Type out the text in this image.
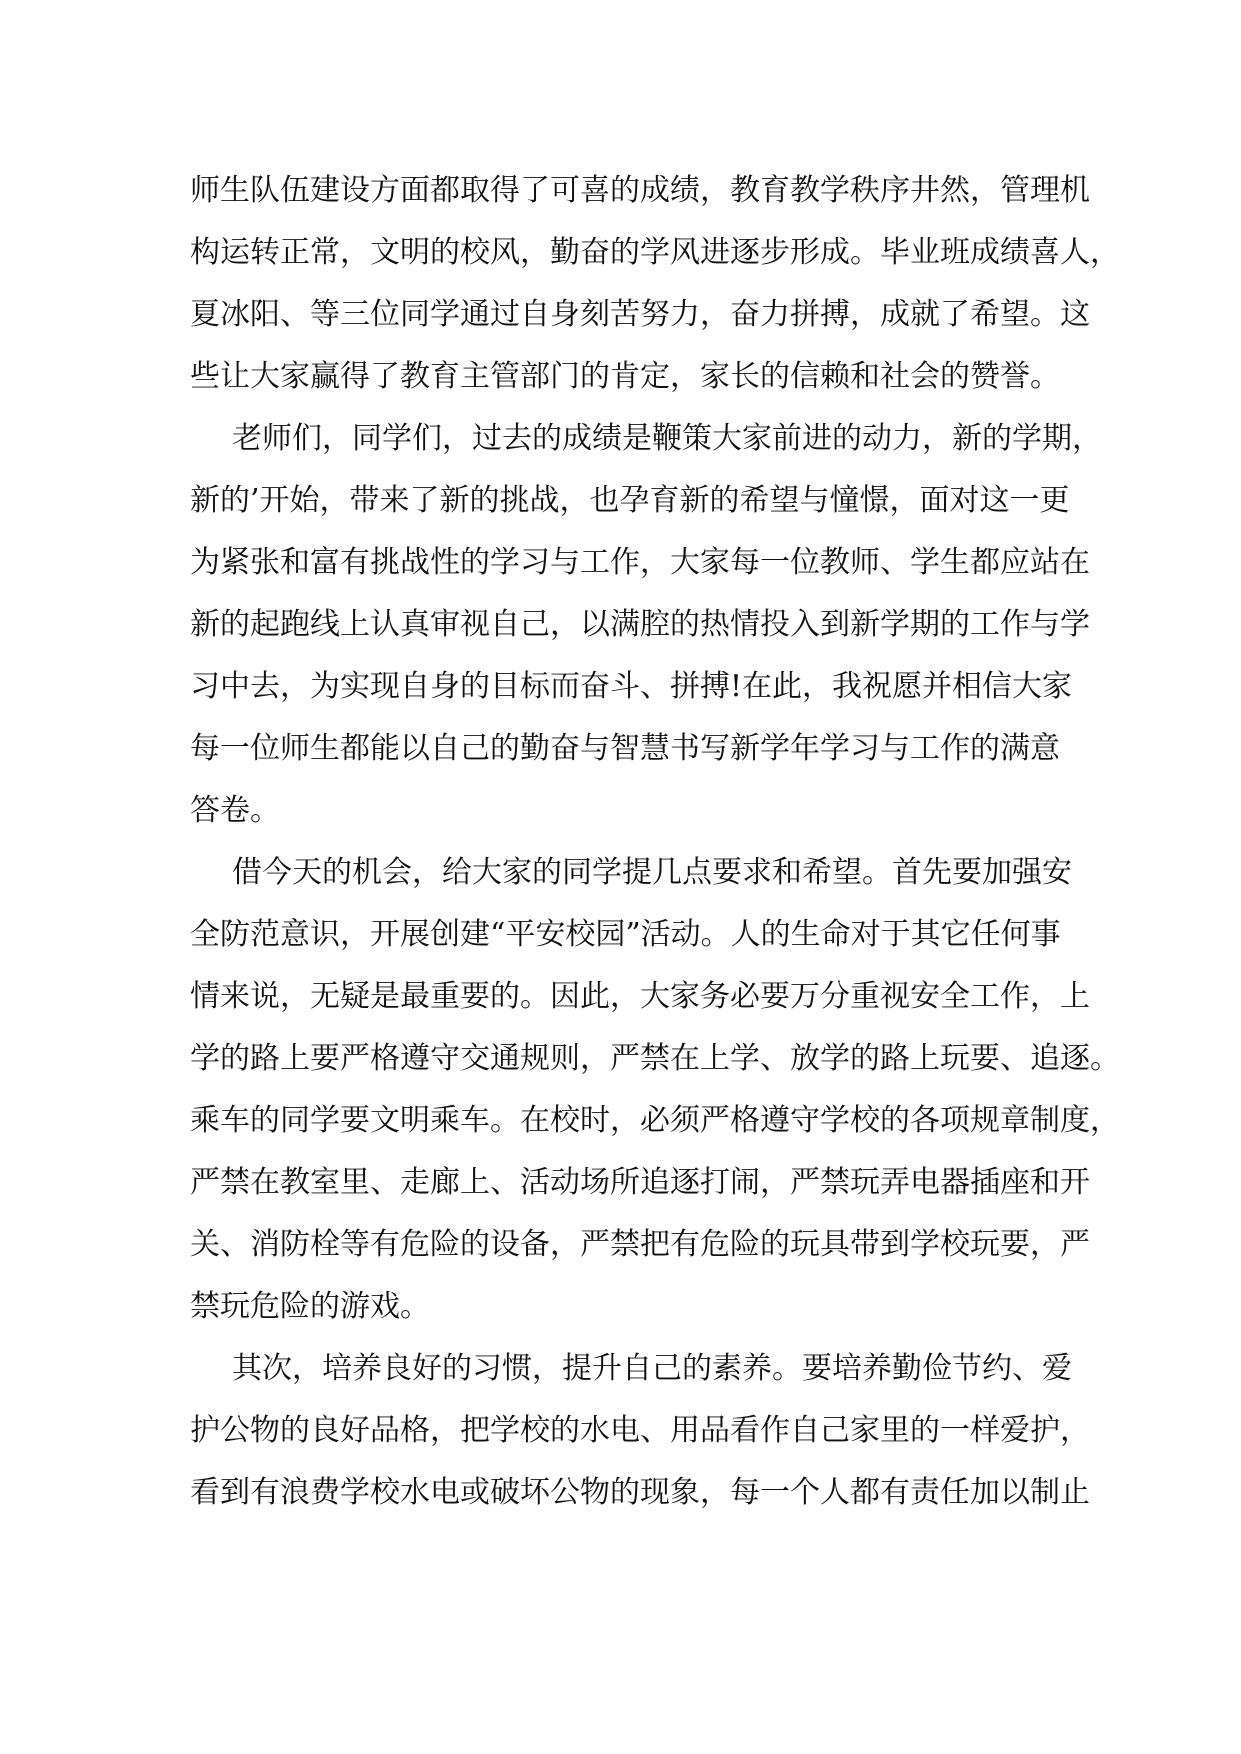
师生队伍建设方面都取得了可喜的成绩，教育教学秩序井然，管理机
构运转正常，文明的校风，勤奋的学风进逐步形成。毕业班成绩喜人，
夏冰阳、等三位同学通过自身刻苦努力，奋力拼搏，成就了希望。这
些让大家赢得了教育主管部门的肯定，家长的信赖和社会的赞誉。
老师们，同学们，过去的成绩是鞭策大家前进的动力，新的学期，
新的’开始，带来了新的挑战，也孕育新的希望与憧憬，面对这一更
为紧张和富有挑战性的学习与工作，大家每一位教师、学生都应站在
新的起跑线上认真审视自己，以满腔的热情投入到新学期的工作与学
习中去，为实现自身的目标而奋斗、拼搏!在此，我祝愿并相信大家
每一位师生都能以自己的勤奋与智慧书写新学年学习与工作的满意
答卷。
借今天的机会，给大家的同学提几点要求和希望。首先要加强安
全防范意识，开展创建“平安校园”活动。人的生命对于其它任何事
情来说，无疑是最重要的。因此，大家务必要万分重视安全工作，上
学的路上要严格遵守交通规则，严禁在上学、放学的路上玩要、追逐。
乘车的同学要文明乘车。在校时，必须严格遵守学校的各项规章制度，
严禁在教室里、走廊上、活动场所追逐打闹，严禁玩弄电器插座和开
关、消防栓等有危险的设备，严禁把有危险的玩具带到学校玩要，严
禁玩危险的游戏。
其次，培养良好的习惯，提升自己的素养。要培养勤俭节约、爱
护公物的良好品格，把学校的水电、用品看作自己家里的一样爱护，
看到有浪费学校水电或破坏公物的现象，每一个人都有责任加以制止
